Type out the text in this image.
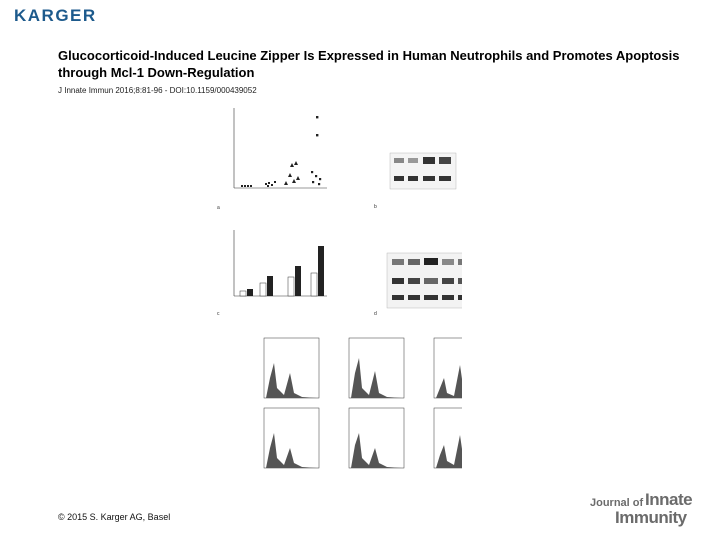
KARGER
Glucocorticoid-Induced Leucine Zipper Is Expressed in Human Neutrophils and Promotes Apoptosis through Mcl-1 Down-Regulation
J Innate Immun 2016;8:81-96 - DOI:10.1159/000439052
a	b
c	d
© 2015 S. Karger AG, Basel
Journal of Innate
Immunity
